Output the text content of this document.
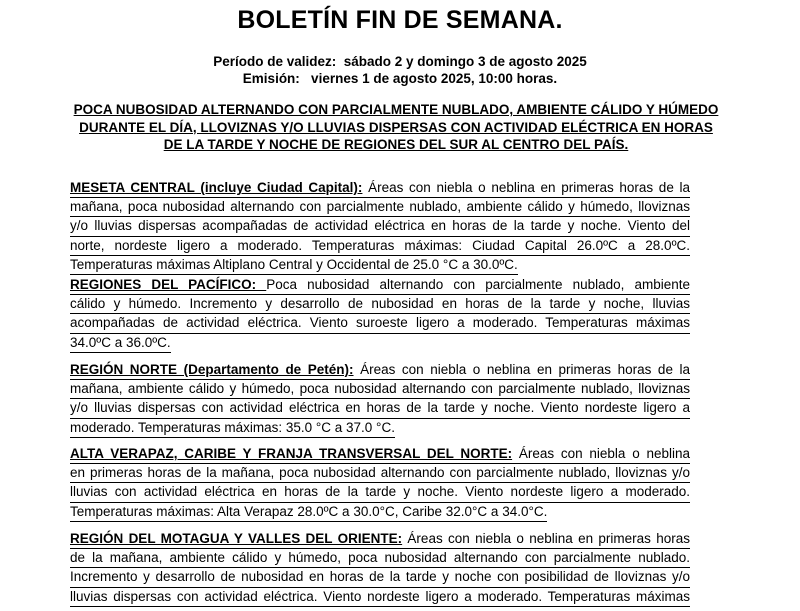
BOLETÍN FIN DE SEMANA.

Período de validez:  sábado 2 y domingo 3 de agosto 2025

Emisión:   viernes 1 de agosto 2025, 10:00 horas.

POCA NUBOSIDAD ALTERNANDO CON PARCIALMENTE NUBLADO, AMBIENTE CÁLIDO Y HÚMEDO DURANTE EL DÍA, LLOVIZNAS Y/O LLUVIAS DISPERSAS CON ACTIVIDAD ELÉCTRICA EN HORAS DE LA TARDE Y NOCHE DE REGIONES DEL SUR AL CENTRO DEL PAÍS.

MESETA CENTRAL (incluye Ciudad Capital): Áreas con niebla o neblina en primeras horas de la
mañana, poca nubosidad alternando con parcialmente nublado, ambiente cálido y húmedo, lloviznas
y/o lluvias dispersas acompañadas de actividad eléctrica en horas de la tarde y noche. Viento del
norte, nordeste ligero a moderado. Temperaturas máximas: Ciudad Capital 26.0ºC a 28.0ºC.
Temperaturas máximas Altiplano Central y Occidental de 25.0 °C a 30.0ºC.
REGIONES DEL PACÍFICO: Poca nubosidad alternando con parcialmente nublado, ambiente
cálido y húmedo. Incremento y desarrollo de nubosidad en horas de la tarde y noche, lluvias
acompañadas de actividad eléctrica. Viento suroeste ligero a moderado. Temperaturas máximas
34.0ºC a 36.0ºC.
REGIÓN NORTE (Departamento de Petén): Áreas con niebla o neblina en primeras horas de la
mañana, ambiente cálido y húmedo, poca nubosidad alternando con parcialmente nublado, lloviznas
y/o lluvias dispersas con actividad eléctrica en horas de la tarde y noche. Viento nordeste ligero a
moderado. Temperaturas máximas: 35.0 °C a 37.0 °C.
ALTA VERAPAZ, CARIBE Y FRANJA TRANSVERSAL DEL NORTE: Áreas con niebla o neblina
en primeras horas de la mañana, poca nubosidad alternando con parcialmente nublado, lloviznas y/o
lluvias con actividad eléctrica en horas de la tarde y noche. Viento nordeste ligero a moderado.
Temperaturas máximas: Alta Verapaz 28.0ºC a 30.0°C, Caribe 32.0°C a 34.0°C.
REGIÓN DEL MOTAGUA Y VALLES DEL ORIENTE: Áreas con niebla o neblina en primeras horas
de la mañana, ambiente cálido y húmedo, poca nubosidad alternando con parcialmente nublado.
Incremento y desarrollo de nubosidad en horas de la tarde y noche con posibilidad de lloviznas y/o
lluvias dispersas con actividad eléctrica. Viento nordeste ligero a moderado. Temperaturas máximas
